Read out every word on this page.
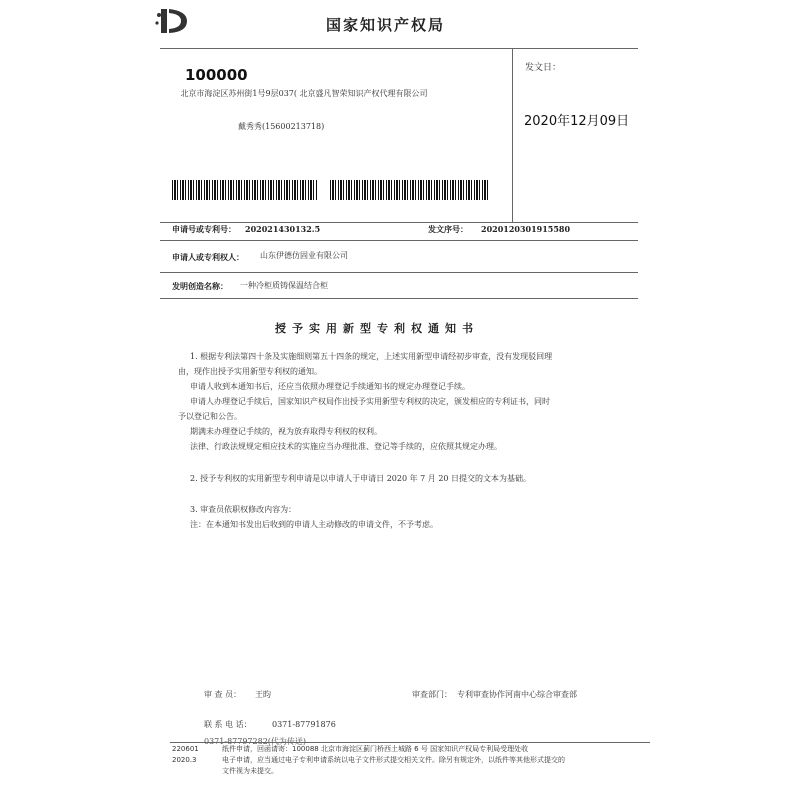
国家知识产权局
100000
北京市海淀区苏州街1号9层037( 北京盛凡智荣知识产权代理有限公司
戴秀秀(15600213718)
发文日：
2020年12月09日
申请号或专利号： 202021430132.5	发文序号： 2020120301915580
申请人或专利权人： 山东伊德仿固业有限公司
发明创造名称： 一种冷柜质铸保温结合柜
授予实用新型专利权通知书
1. 根据专利法第四十条及实施细则第五十四条的规定，上述实用新型申请经初步审查，没有发现驳回理
由，现作出授予实用新型专利权的通知。
申请人收到本通知书后，还应当依照办理登记手续通知书的规定办理登记手续。
申请人办理登记手续后，国家知识产权局作出授予实用新型专利权的决定，颁发相应的专利证书，同时
予以登记和公告。
期满未办理登记手续的，视为放弃取得专利权的权利。
法律、行政法规规定相应技术的实施应当办理批准、登记等手续的，应依照其规定办理。
2. 授予专利权的实用新型专利申请是以申请人于申请日 2020 年 7 月 20 日提交的文本为基础。
3. 审查员依职权修改内容为：
注：在本通知书发出后收到的申请人主动修改的申请文件，不予考虑。
审 查 员： 王昀	审查部门： 专利审查协作河南中心综合审查部
联 系 电 话：	0371-87791876
220601
2020.3
纸件申请，回函请寄：100088 北京市海淀区蓟门桥西土城路 6 号 国家知识产权局专利局受理处收
电子申请，应当通过电子专利申请系统以电子文件形式提交相关文件。除另有规定外，以纸件等其他形式提交的
文件视为未提交。
